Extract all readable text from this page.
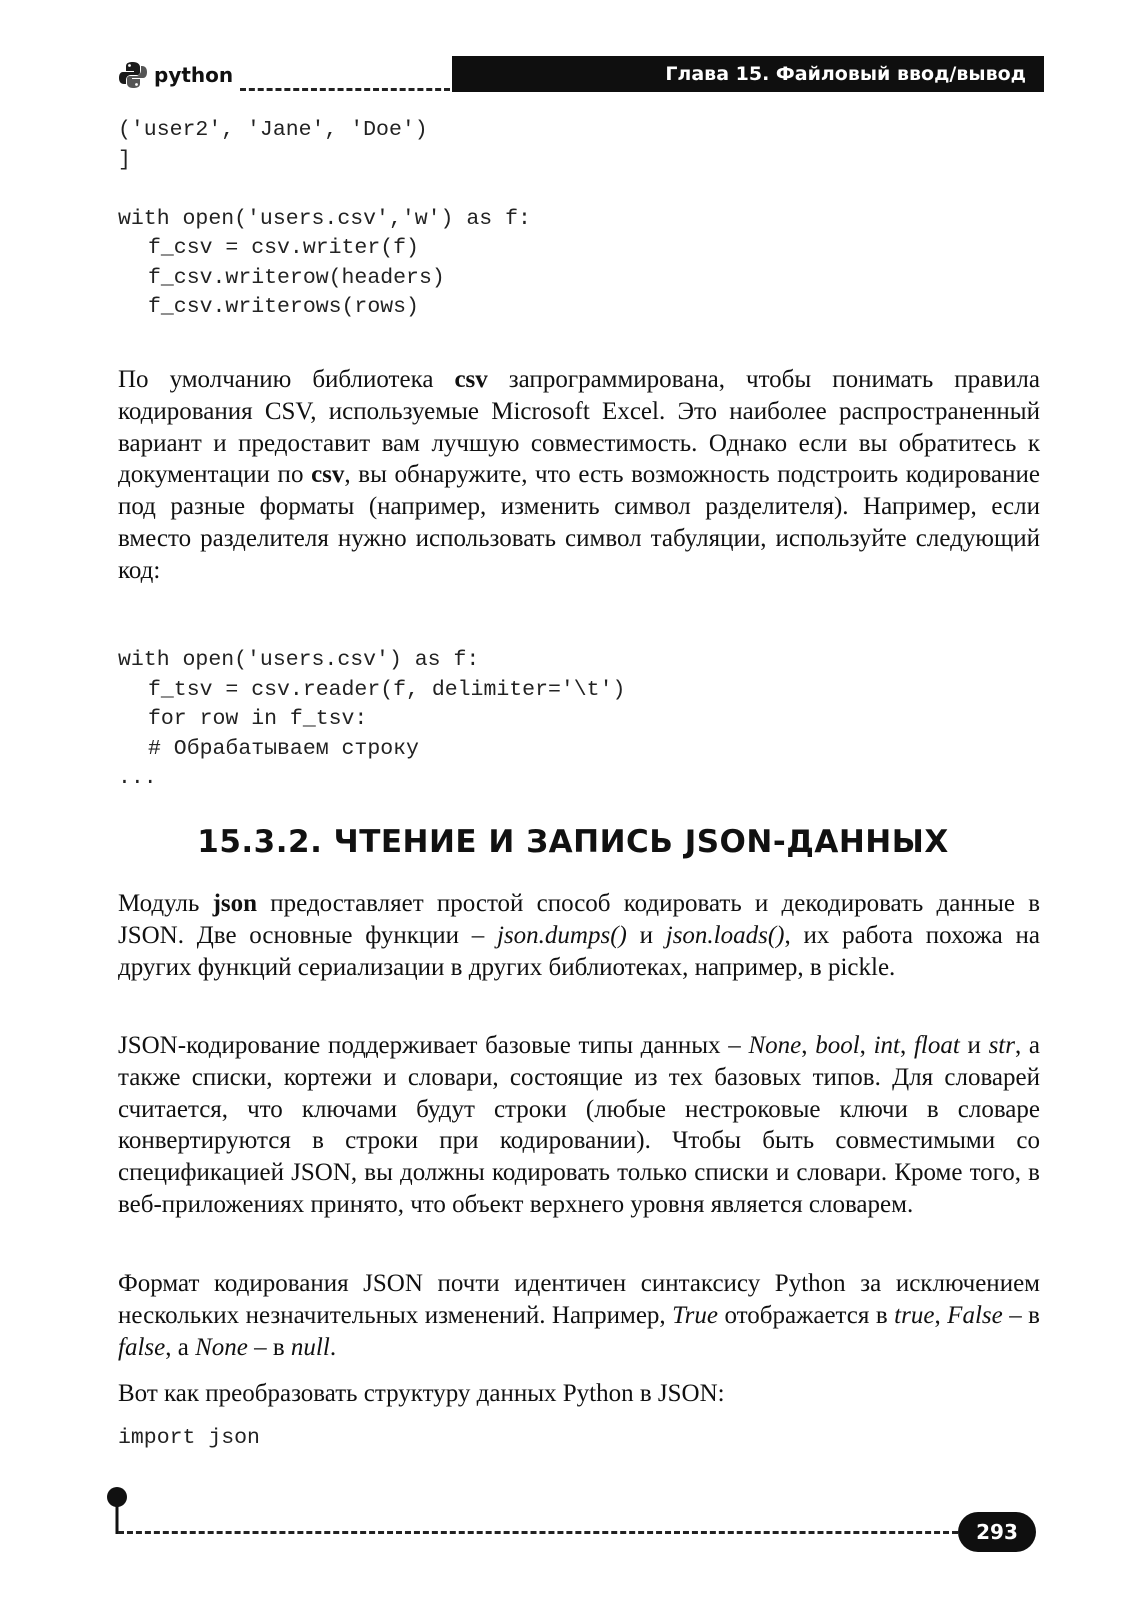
python	Глава 15. Файловый ввод/вывод
('user2', 'Jane', 'Doe')
]
with open('users.csv','w') as f:
f_csv = csv.writer(f)
f_csv.writerow(headers)
f_csv.writerows(rows)

По умолчанию библиотека csv запрограммирована, чтобы понимать правила кодирования CSV, используемые Microsoft Excel. Это наиболее распространенный вариант и предоставит вам лучшую совместимость. Однако если вы обратитесь к документации по csv, вы обнаружите, что есть возможность подстроить кодирование под разные форматы (например, изменить символ разделителя). Например, если вместо разделителя нужно использовать символ табуляции, используйте следующий код:

with open('users.csv') as f:
f_tsv = csv.reader(f, delimiter='\t')
for row in f_tsv:
# Обрабатываем строку
...
15.3.2. ЧТЕНИЕ И ЗАПИСЬ JSON-ДАННЫХ

Модуль json предоставляет простой способ кодировать и декодировать данные в JSON. Две основные функции – json.dumps() и json.loads(), их работа похожа на других функций сериализации в других библиотеках, например, в pickle.

JSON-кодирование поддерживает базовые типы данных – None, bool, int, float и str, а также списки, кортежи и словари, состоящие из тех базовых типов. Для словарей считается, что ключами будут строки (любые нестроковые ключи в словаре конвертируются в строки при кодировании). Чтобы быть совместимыми со спецификацией JSON, вы должны кодировать только списки и словари. Кроме того, в веб-приложениях принято, что объект верхнего уровня является словарем.

Формат кодирования JSON почти идентичен синтаксису Python за исключением нескольких незначительных изменений. Например, True отображается в true, False – в false, а None – в null.

Вот как преобразовать структуру данных Python в JSON:

import json
293
